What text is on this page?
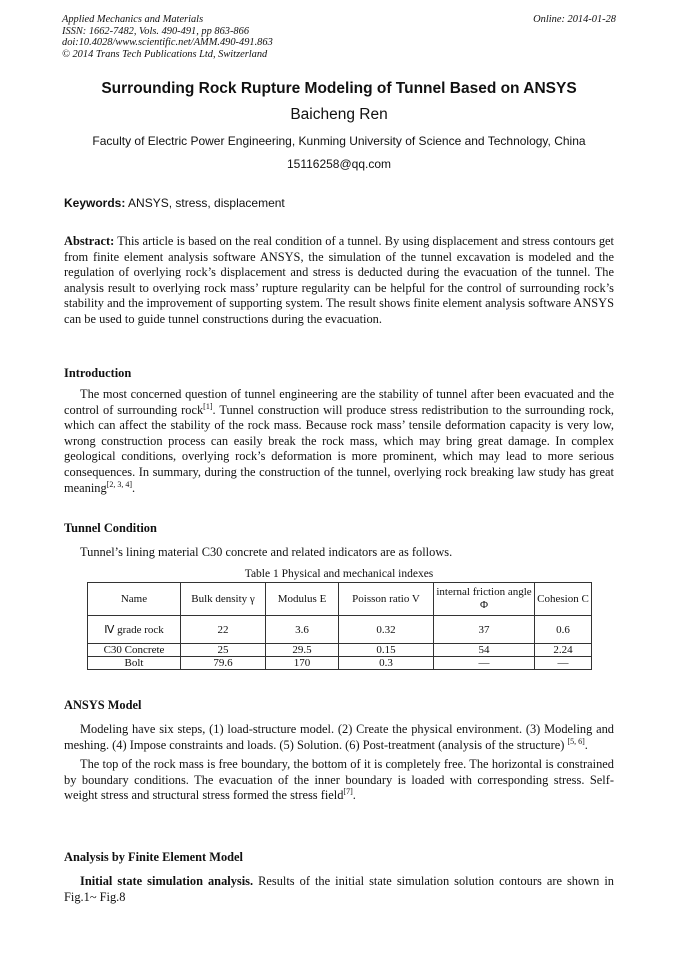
Applied Mechanics and Materials
ISSN: 1662-7482, Vols. 490-491, pp 863-866
doi:10.4028/www.scientific.net/AMM.490-491.863
© 2014 Trans Tech Publications Ltd, Switzerland
Online: 2014-01-28
Surrounding Rock Rupture Modeling of Tunnel Based on ANSYS
Baicheng Ren
Faculty of Electric Power Engineering, Kunming University of Science and Technology, China
15116258@qq.com
Keywords: ANSYS, stress, displacement

Abstract: This article is based on the real condition of a tunnel. By using displacement and stress contours get from finite element analysis software ANSYS, the simulation of the tunnel excavation is modeled and the regulation of overlying rock’s displacement and stress is deducted during the evacuation of the tunnel. The analysis result to overlying rock mass’ rupture regularity can be helpful for the control of surrounding rock’s stability and the improvement of supporting system. The result shows finite element analysis software ANSYS can be used to guide tunnel constructions during the evacuation.

Introduction

The most concerned question of tunnel engineering are the stability of tunnel after been evacuated and the control of surrounding rock[1]. Tunnel construction will produce stress redistribution to the surrounding rock, which can affect the stability of the rock mass. Because rock mass’ tensile deformation capacity is very low, wrong construction process can easily break the rock mass, which may bring great damage. In complex geological conditions, overlying rock’s deformation is more prominent, which may lead to more serious consequences. In summary, during the construction of the tunnel, overlying rock breaking law study has great meaning[2, 3, 4].

Tunnel Condition

Tunnel’s lining material C30 concrete and related indicators are as follows.

Table 1 Physical and mechanical indexes
Name	Bulk density γ	Modulus E	Poisson ratio V	internal friction angle Φ	Cohesion C
Ⅳ grade rock	22	3.6	0.32	37	0.6
C30 Concrete	25	29.5	0.15	54	2.24
Bolt	79.6	170	0.3	—	—
ANSYS Model

Modeling have six steps, (1) load-structure model. (2) Create the physical environment. (3) Modeling and meshing. (4) Impose constraints and loads. (5) Solution. (6) Post-treatment (analysis of the structure) [5, 6].

The top of the rock mass is free boundary, the bottom of it is completely free. The horizontal is constrained by boundary conditions. The evacuation of the inner boundary is loaded with corresponding stress. Self-weight stress and structural stress formed the stress field[7].

Analysis by Finite Element Model

Initial state simulation analysis. Results of the initial state simulation solution contours are shown in Fig.1~ Fig.8
